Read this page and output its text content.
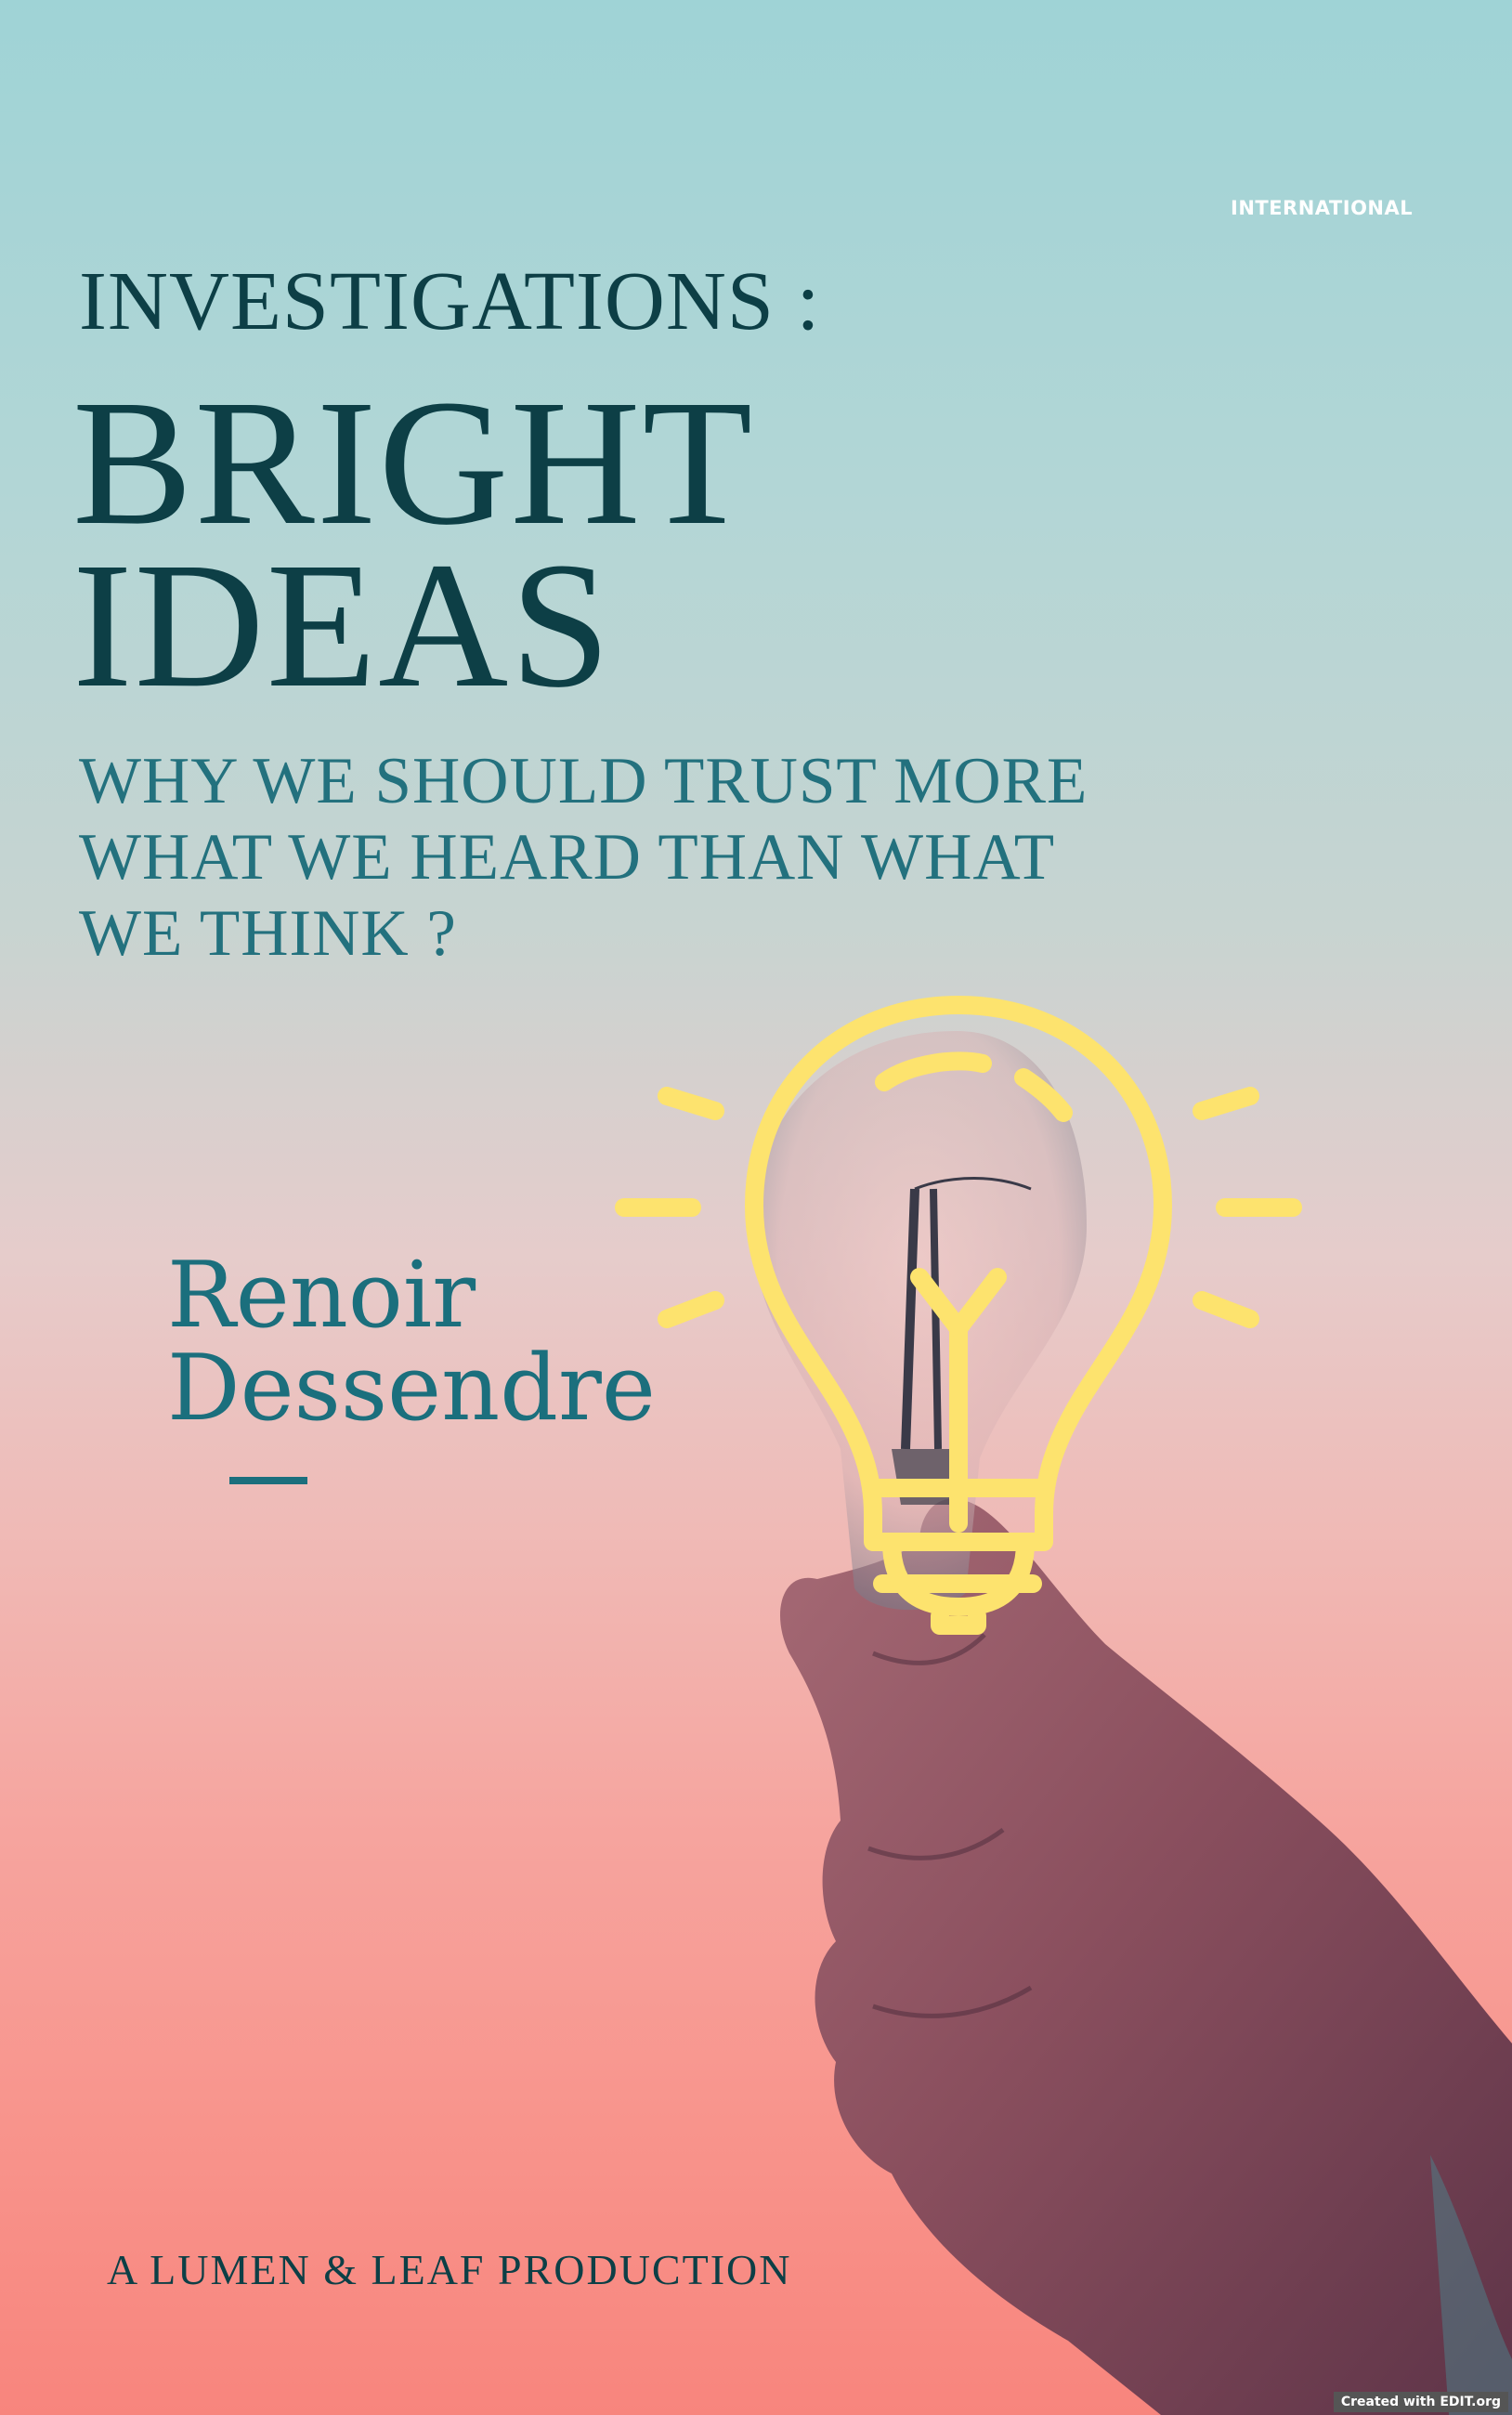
INTERNATIONAL
INVESTIGATIONS :
BRIGHT
IDEAS
WHY WE SHOULD TRUST MORE
WHAT WE HEARD THAN WHAT
WE THINK ?
Renoir
Dessendre
A LUMEN & LEAF PRODUCTION
Created with EDIT.org
